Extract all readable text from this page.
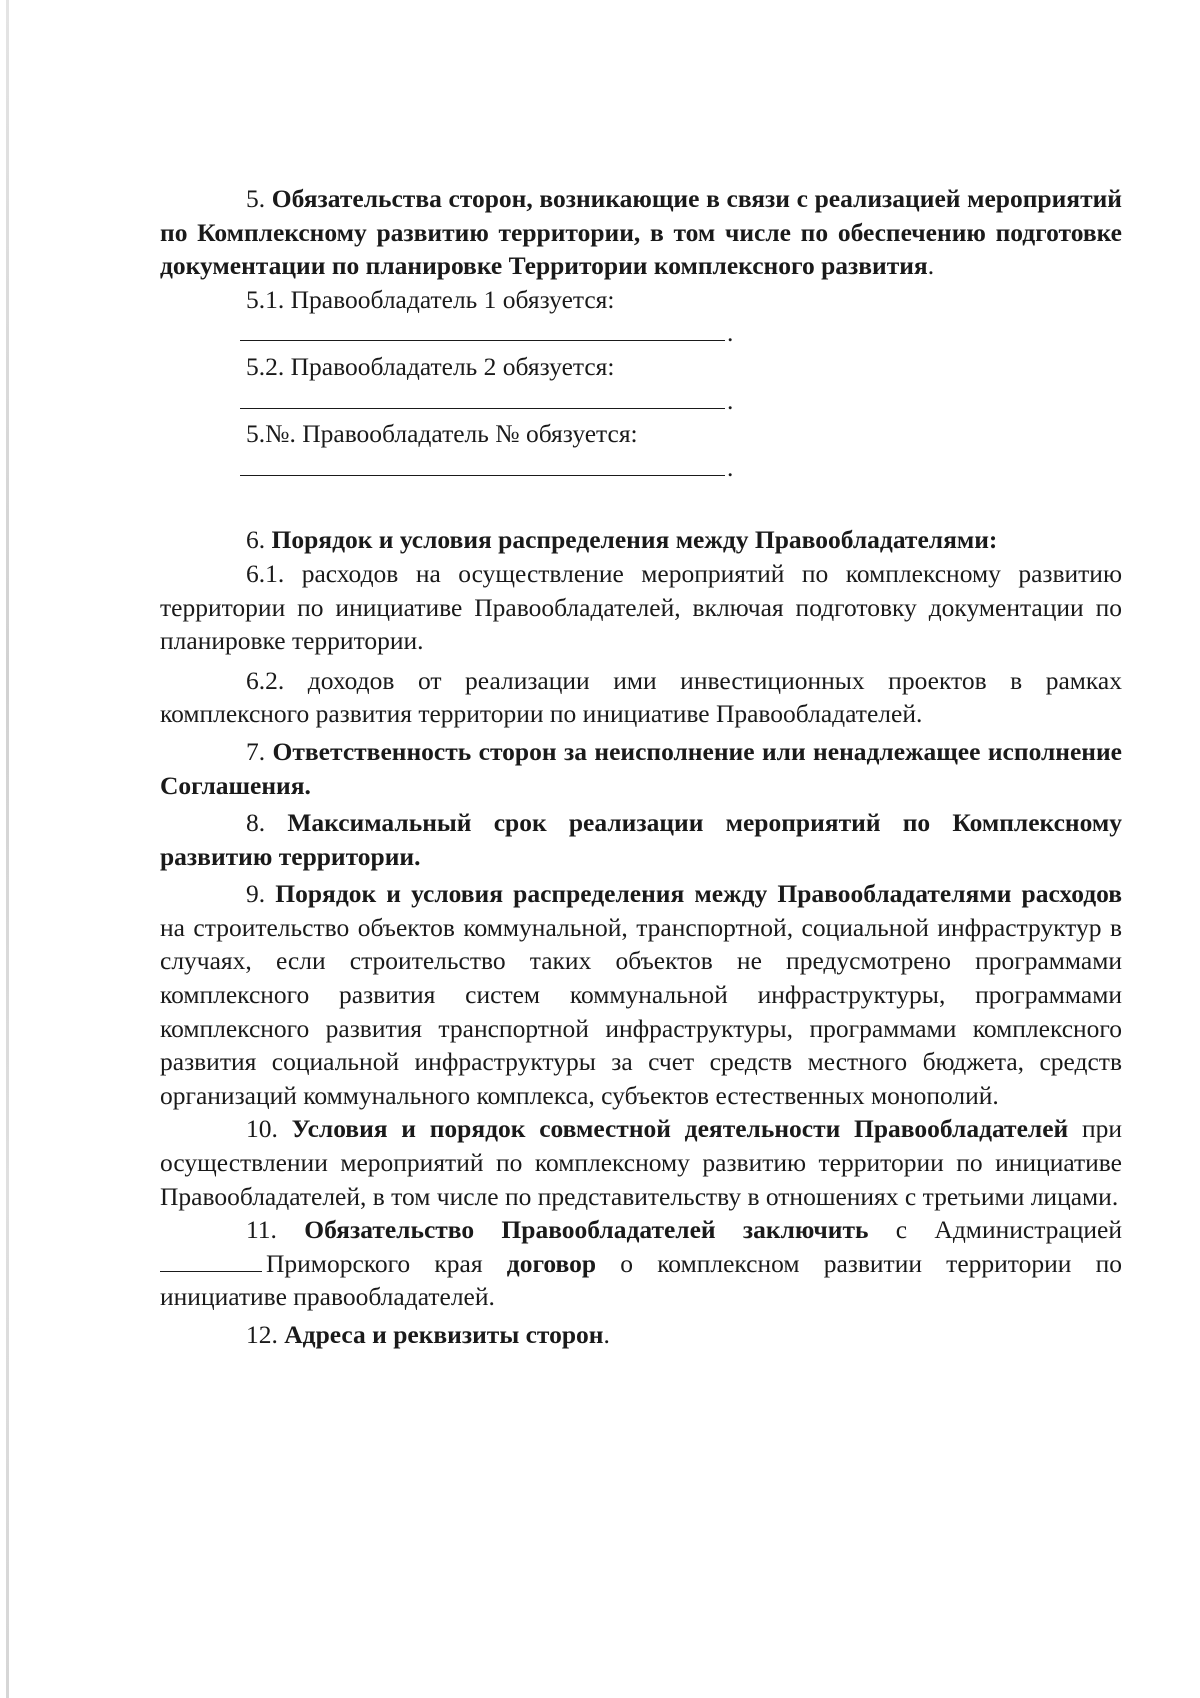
5. Обязательства сторон, возникающие в связи с реализацией мероприятий по Комплексному развитию территории, в том числе по обеспечению подготовке документации по планировке Территории комплексного развития.

5.1. Правообладатель 1 обязуется:

.

5.2. Правообладатель 2 обязуется:

.

5.№. Правообладатель № обязуется:

.

6. Порядок и условия распределения между Правообладателями:

6.1. расходов на осуществление мероприятий по комплексному развитию территории по инициативе Правообладателей, включая подготовку документации по планировке территории.

6.2. доходов от реализации ими инвестиционных проектов в рамках комплексного развития территории по инициативе Правообладателей.

7. Ответственность сторон за неисполнение или ненадлежащее исполнение Соглашения.

8. Максимальный срок реализации мероприятий по Комплексному развитию территории.

9. Порядок и условия распределения между Правообладателями расходов на строительство объектов коммунальной, транспортной, социальной инфраструктур в случаях, если строительство таких объектов не предусмотрено программами комплексного развития систем коммунальной инфраструктуры, программами комплексного развития транспортной инфраструктуры, программами комплексного развития социальной инфраструктуры за счет средств местного бюджета, средств организаций коммунального комплекса, субъектов естественных монополий.

10. Условия и порядок совместной деятельности Правообладателей при осуществлении мероприятий по комплексному развитию территории по инициативе Правообладателей, в том числе по представительству в отношениях с третьими лицами.

11. Обязательство Правообладателей заключить с Администрацией Приморского края договор о комплексном развитии территории по инициативе правообладателей.

12. Адреса и реквизиты сторон.
